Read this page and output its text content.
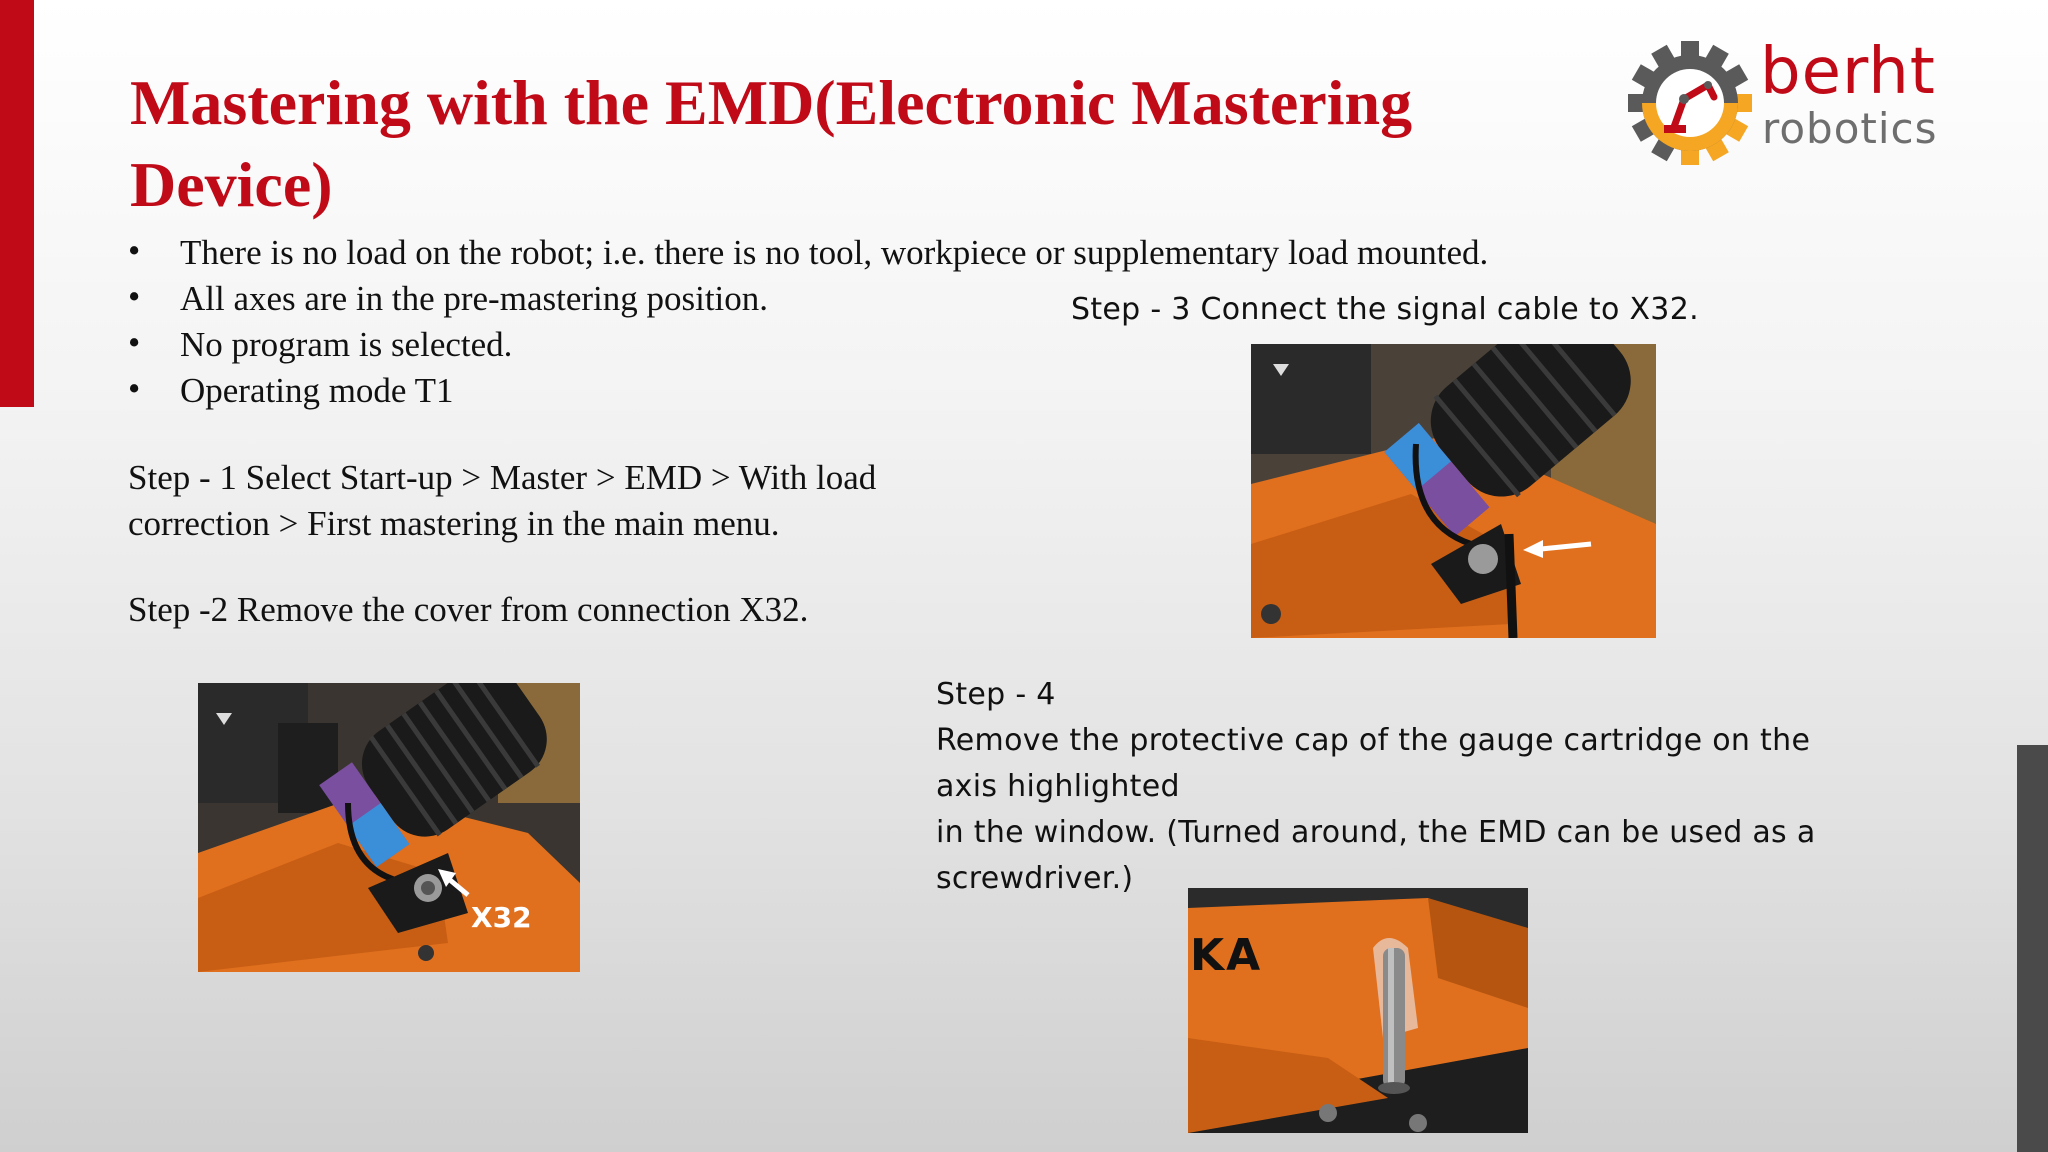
Mastering with the EMD(Electronic Mastering Device)
berht
robotics
• There is no load on the robot; i.e. there is no tool, workpiece or supplementary load mounted.
• All axes are in the pre-mastering position.
• No program is selected.
• Operating mode T1
Step - 1 Select Start-up > Master > EMD > With load correction > First mastering in the main menu.
Step -2 Remove the cover from connection X32.
Step - 3 Connect the signal cable to X32.
Step - 4
Remove the protective cap of the gauge cartridge on the axis highlighted
in the window. (Turned around, the EMD can be used as a screwdriver.)
X32
KA
